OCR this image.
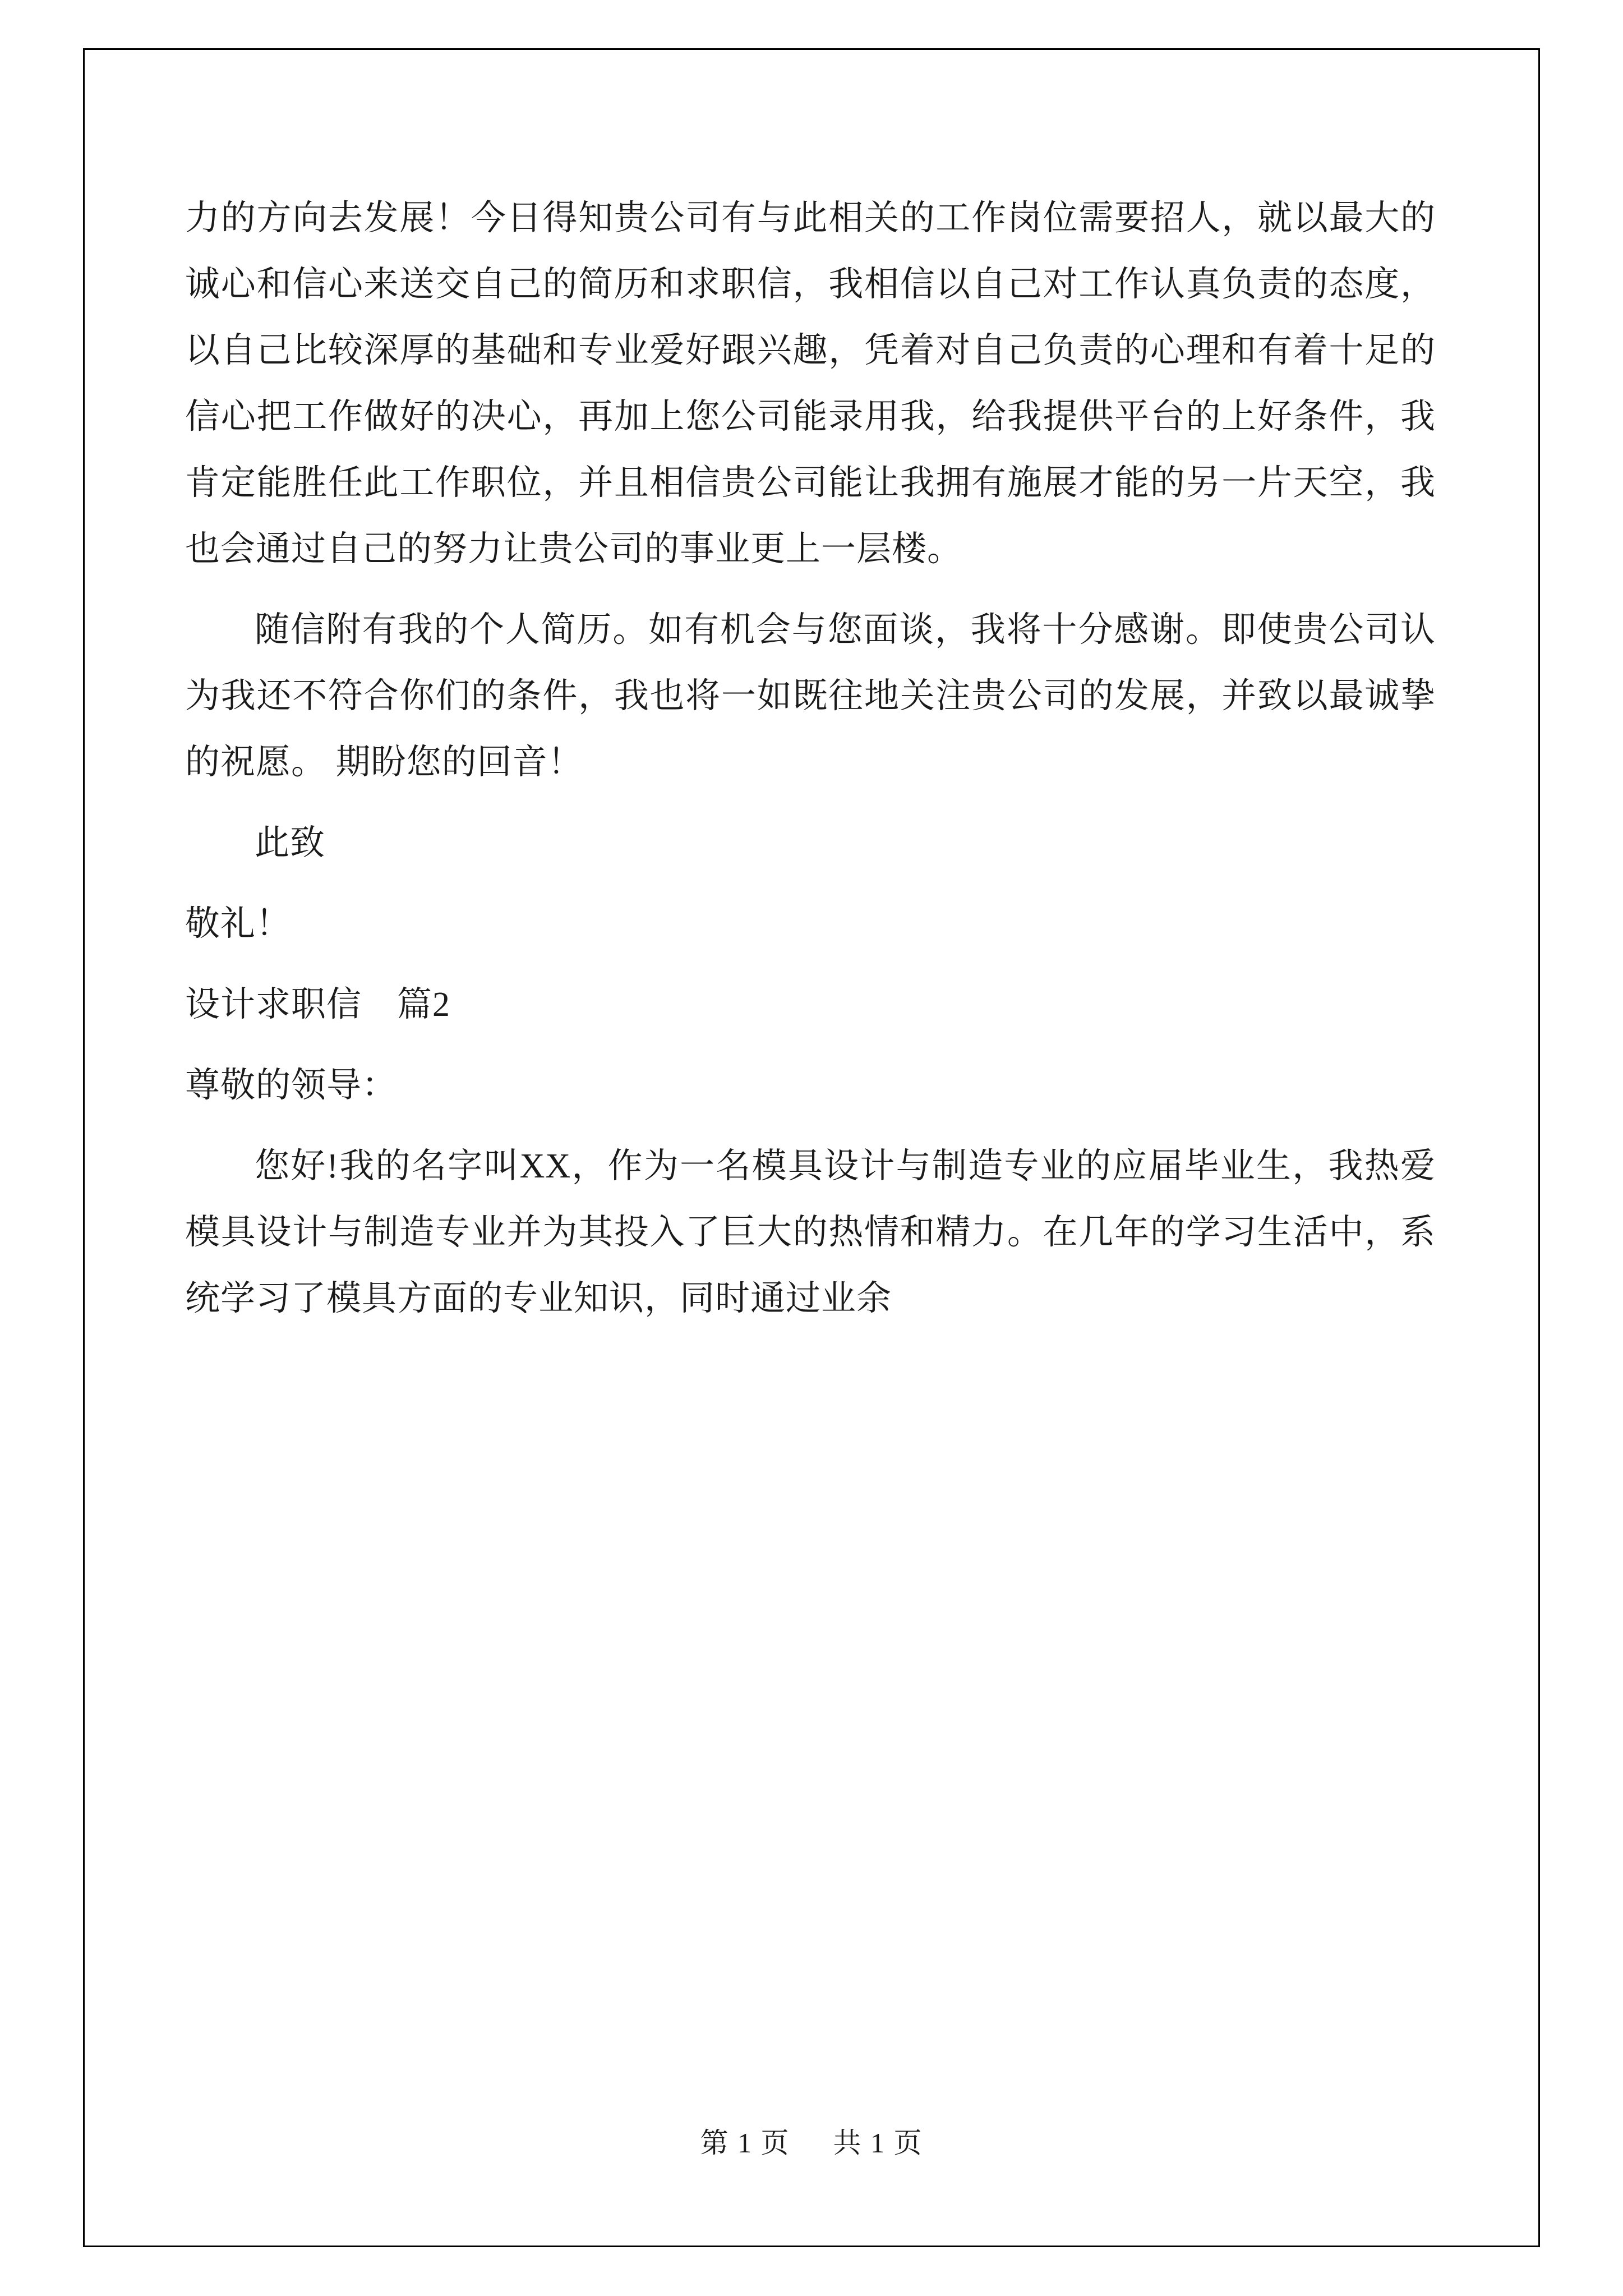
力的方向去发展！今日得知贵公司有与此相关的工作岗位需要招人，就以最大的诚心和信心来送交自己的简历和求职信，我相信以自己对工作认真负责的态度，以自己比较深厚的基础和专业爱好跟兴趣，凭着对自己负责的心理和有着十足的信心把工作做好的决心，再加上您公司能录用我，给我提供平台的上好条件，我肯定能胜任此工作职位，并且相信贵公司能让我拥有施展才能的另一片天空，我也会通过自己的努力让贵公司的事业更上一层楼。

随信附有我的个人简历。如有机会与您面谈，我将十分感谢。即使贵公司认为我还不符合你们的条件，我也将一如既往地关注贵公司的发展，并致以最诚挚的祝愿。 期盼您的回音！

此致

敬礼！

设计求职信　篇2

尊敬的领导：

您好!我的名字叫XX，作为一名模具设计与制造专业的应届毕业生，我热爱模具设计与制造专业并为其投入了巨大的热情和精力。在几年的学习生活中，系统学习了模具方面的专业知识，同时通过业余

第 1 页 共 1 页
